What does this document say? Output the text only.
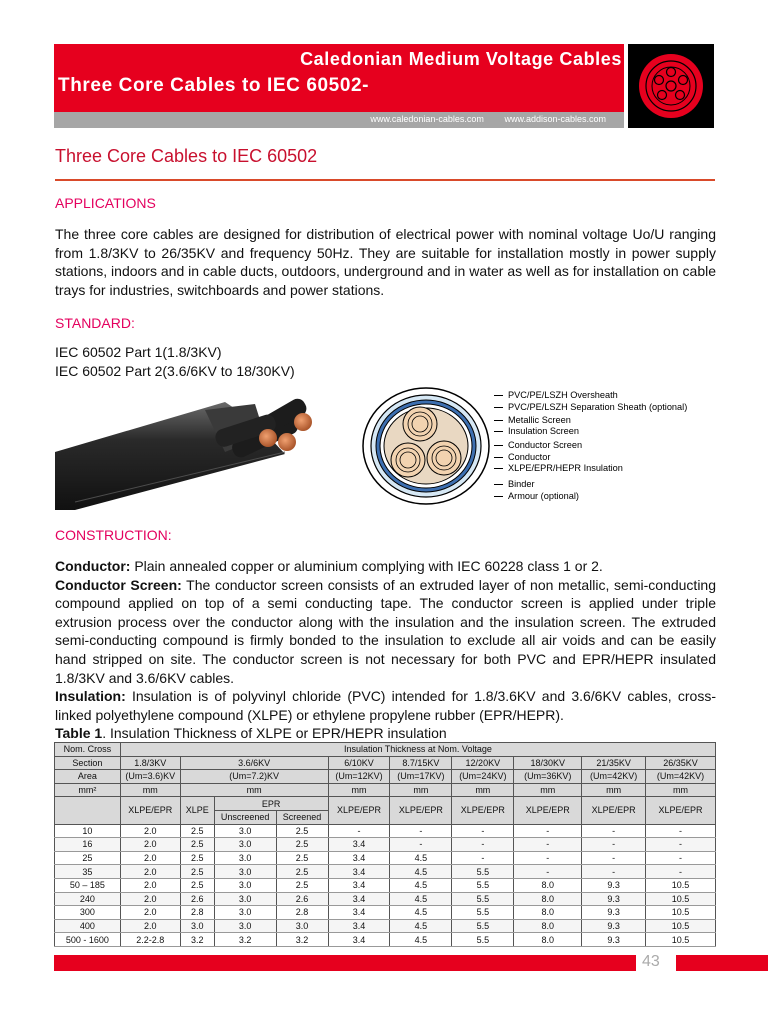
Caledonian Medium Voltage Cables
Three Core Cables to IEC 60502-
www.caledonian-cables.com www.addison-cables.com
Three Core Cables to IEC 60502
APPLICATIONS
The three core cables are designed for distribution of electrical power with nominal voltage Uo/U ranging from 1.8/3KV to 26/35KV and frequency 50Hz. They are suitable for installation mostly in power supply stations, indoors and in cable ducts, outdoors, underground and in water as well as for installation on cable trays for industries, switchboards and power stations.
STANDARD:
IEC 60502 Part 1(1.8/3KV)
IEC 60502 Part 2(3.6/6KV to 18/30KV)
PVC/PE/LSZH Oversheath
PVC/PE/LSZH Separation Sheath (optional)
Metallic Screen
Insulation Screen
Conductor Screen
Conductor
XLPE/EPR/HEPR Insulation
Binder
Armour (optional)
CONSTRUCTION:
Conductor: Plain annealed copper or aluminium complying with IEC 60228 class 1 or 2.
Conductor Screen: The conductor screen consists of an extruded layer of non metallic, semi-conducting compound applied on top of a semi conducting tape. The conductor screen is applied under triple extrusion process over the conductor along with the insulation and the insulation screen. The extruded semi-conducting compound is firmly bonded to the insulation to exclude all air voids and can be easily hand stripped on site. The conductor screen is not necessary for both PVC and EPR/HEPR insulated 1.8/3KV and 3.6/6KV cables.
Insulation: Insulation is of polyvinyl chloride (PVC) intended for 1.8/3.6KV and 3.6/6KV cables, cross-linked polyethylene compound (XLPE) or ethylene propylene rubber (EPR/HEPR).
Table 1. Insulation Thickness of XLPE or EPR/HEPR insulation
Nom. Cross	Insulation Thickness at Nom. Voltage									
Section	1.8/3KV	3.6/6KV			6/10KV	8.7/15KV	12/20KV	18/30KV	21/35KV	26/35KV
Area	(Um=3.6)KV	(Um=7.2)KV			(Um=12KV)	(Um=17KV)	(Um=24KV)	(Um=36KV)	(Um=42KV)	(Um=42KV)
mm²	mm	mm			mm	mm	mm	mm	mm	mm
	XLPE/EPR	XLPE	EPR		XLPE/EPR	XLPE/EPR	XLPE/EPR	XLPE/EPR	XLPE/EPR	XLPE/EPR
			Unscreened	Screened						
10	2.0	2.5	3.0	2.5	-	-	-	-	-	-
16	2.0	2.5	3.0	2.5	3.4	-	-	-	-	-
25	2.0	2.5	3.0	2.5	3.4	4.5	-	-	-	-
35	2.0	2.5	3.0	2.5	3.4	4.5	5.5	-	-	-
50 – 185	2.0	2.5	3.0	2.5	3.4	4.5	5.5	8.0	9.3	10.5
240	2.0	2.6	3.0	2.6	3.4	4.5	5.5	8.0	9.3	10.5
300	2.0	2.8	3.0	2.8	3.4	4.5	5.5	8.0	9.3	10.5
400	2.0	3.0	3.0	3.0	3.4	4.5	5.5	8.0	9.3	10.5
500 - 1600	2.2-2.8	3.2	3.2	3.2	3.4	4.5	5.5	8.0	9.3	10.5
43
